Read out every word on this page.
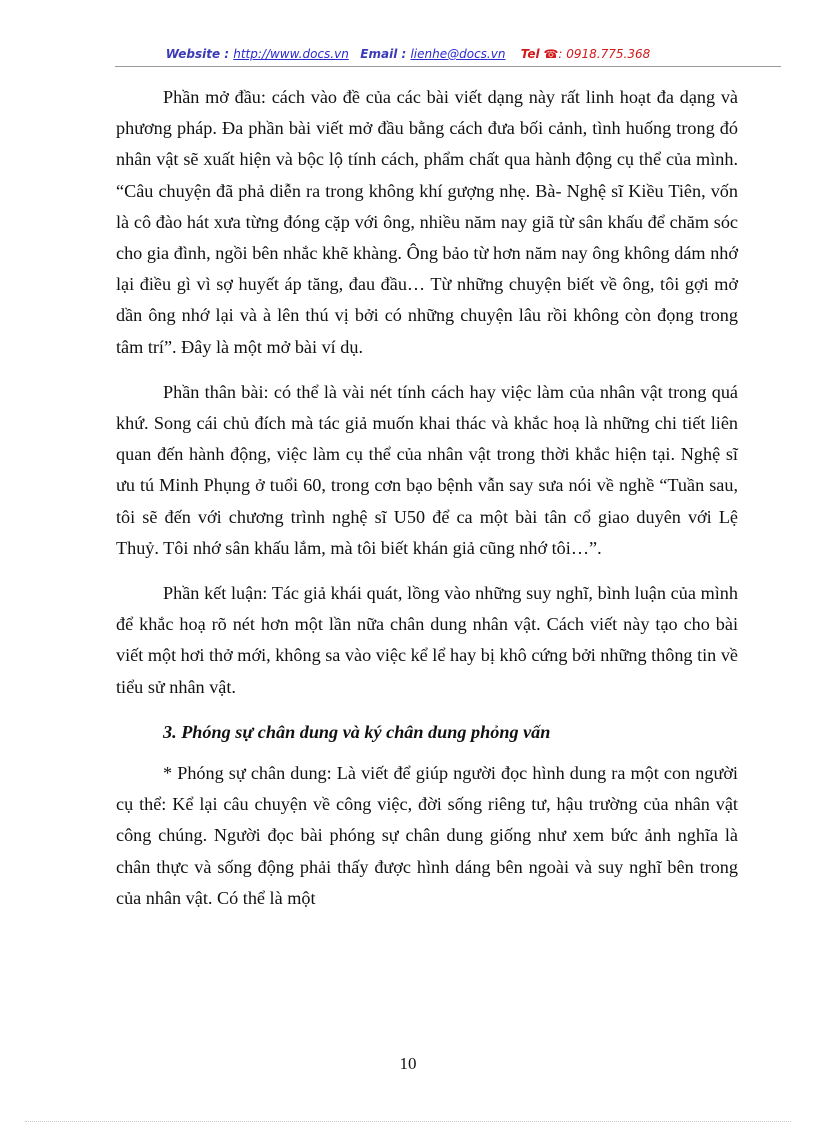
Website : http://www.docs.vn Email : lienhe@docs.vn Tel ☎: 0918.775.368

Phần mở đầu: cách vào đề của các bài viết dạng này rất linh hoạt đa dạng và phương pháp. Đa phần bài viết mở đầu bằng cách đưa bối cảnh, tình huống trong đó nhân vật sẽ xuất hiện và bộc lộ tính cách, phẩm chất qua hành động cụ thể của mình. “Câu chuyện đã phả diễn ra trong không khí gượng nhẹ. Bà- Nghệ sĩ Kiều Tiên, vốn là cô đào hát xưa từng đóng cặp với ông, nhiều năm nay giã từ sân khấu để chăm sóc cho gia đình, ngồi bên nhắc khẽ khàng. Ông bảo từ hơn năm nay ông không dám nhớ lại điều gì vì sợ huyết áp tăng, đau đầu… Từ những chuyện biết về ông, tôi gợi mở dần ông nhớ lại và à lên thú vị bởi có những chuyện lâu rồi không còn đọng trong tâm trí”. Đây là một mở bài ví dụ.

Phần thân bài: có thể là vài nét tính cách hay việc làm của nhân vật trong quá khứ. Song cái chủ đích mà tác giả muốn khai thác và khắc hoạ là những chi tiết liên quan đến hành động, việc làm cụ thể của nhân vật trong thời khắc hiện tại. Nghệ sĩ ưu tú Minh Phụng ở tuổi 60, trong cơn bạo bệnh vẫn say sưa nói về nghề “Tuần sau, tôi sẽ đến với chương trình nghệ sĩ U50 để ca một bài tân cổ giao duyên với Lệ Thuỷ. Tôi nhớ sân khấu lắm, mà tôi biết khán giả cũng nhớ tôi…”.

Phần kết luận: Tác giả khái quát, lồng vào những suy nghĩ, bình luận của mình để khắc hoạ rõ nét hơn một lần nữa chân dung nhân vật. Cách viết này tạo cho bài viết một hơi thở mới, không sa vào việc kể lể hay bị khô cứng bởi những thông tin về tiểu sử nhân vật.

3. Phóng sự chân dung và ký chân dung phỏng vấn

* Phóng sự chân dung: Là viết để giúp người đọc hình dung ra một con người cụ thể: Kể lại câu chuyện về công việc, đời sống riêng tư, hậu trường của nhân vật công chúng. Người đọc bài phóng sự chân dung giống như xem bức ảnh nghĩa là chân thực và sống động phải thấy được hình dáng bên ngoài và suy nghĩ bên trong của nhân vật. Có thể là một

10
